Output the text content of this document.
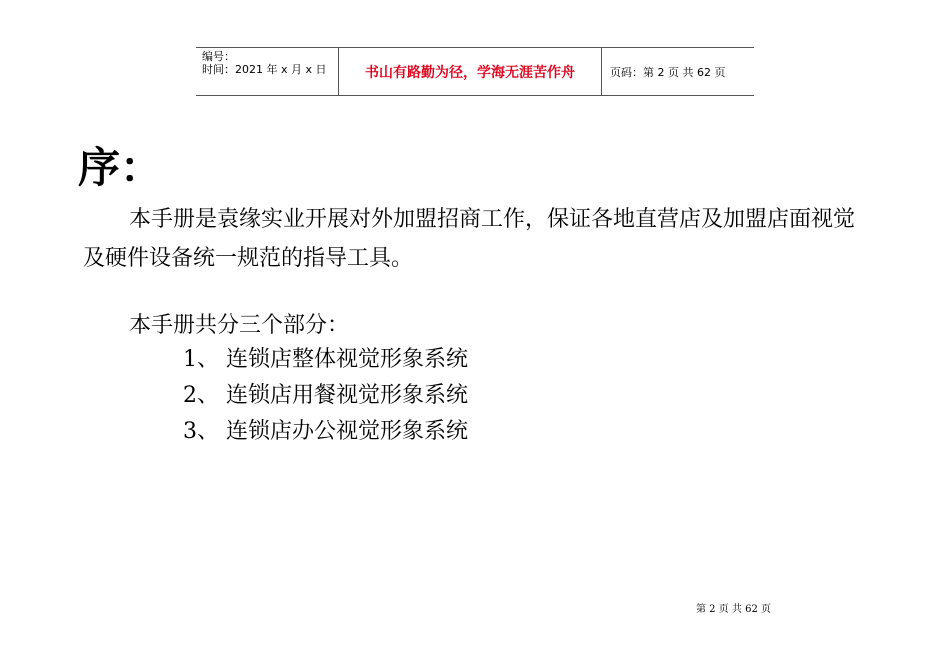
编号：
时间：2021 年 x 月 x 日	书山有路勤为径，学海无涯苦作舟	页码：第 2 页 共 62 页
序：
本手册是袁缘实业开展对外加盟招商工作，保证各地直营店及加盟店面视觉及硬件设备统一规范的指导工具。
本手册共分三个部分：
1、 连锁店整体视觉形象系统
2、 连锁店用餐视觉形象系统
3、 连锁店办公视觉形象系统
第 2 页 共 62 页
